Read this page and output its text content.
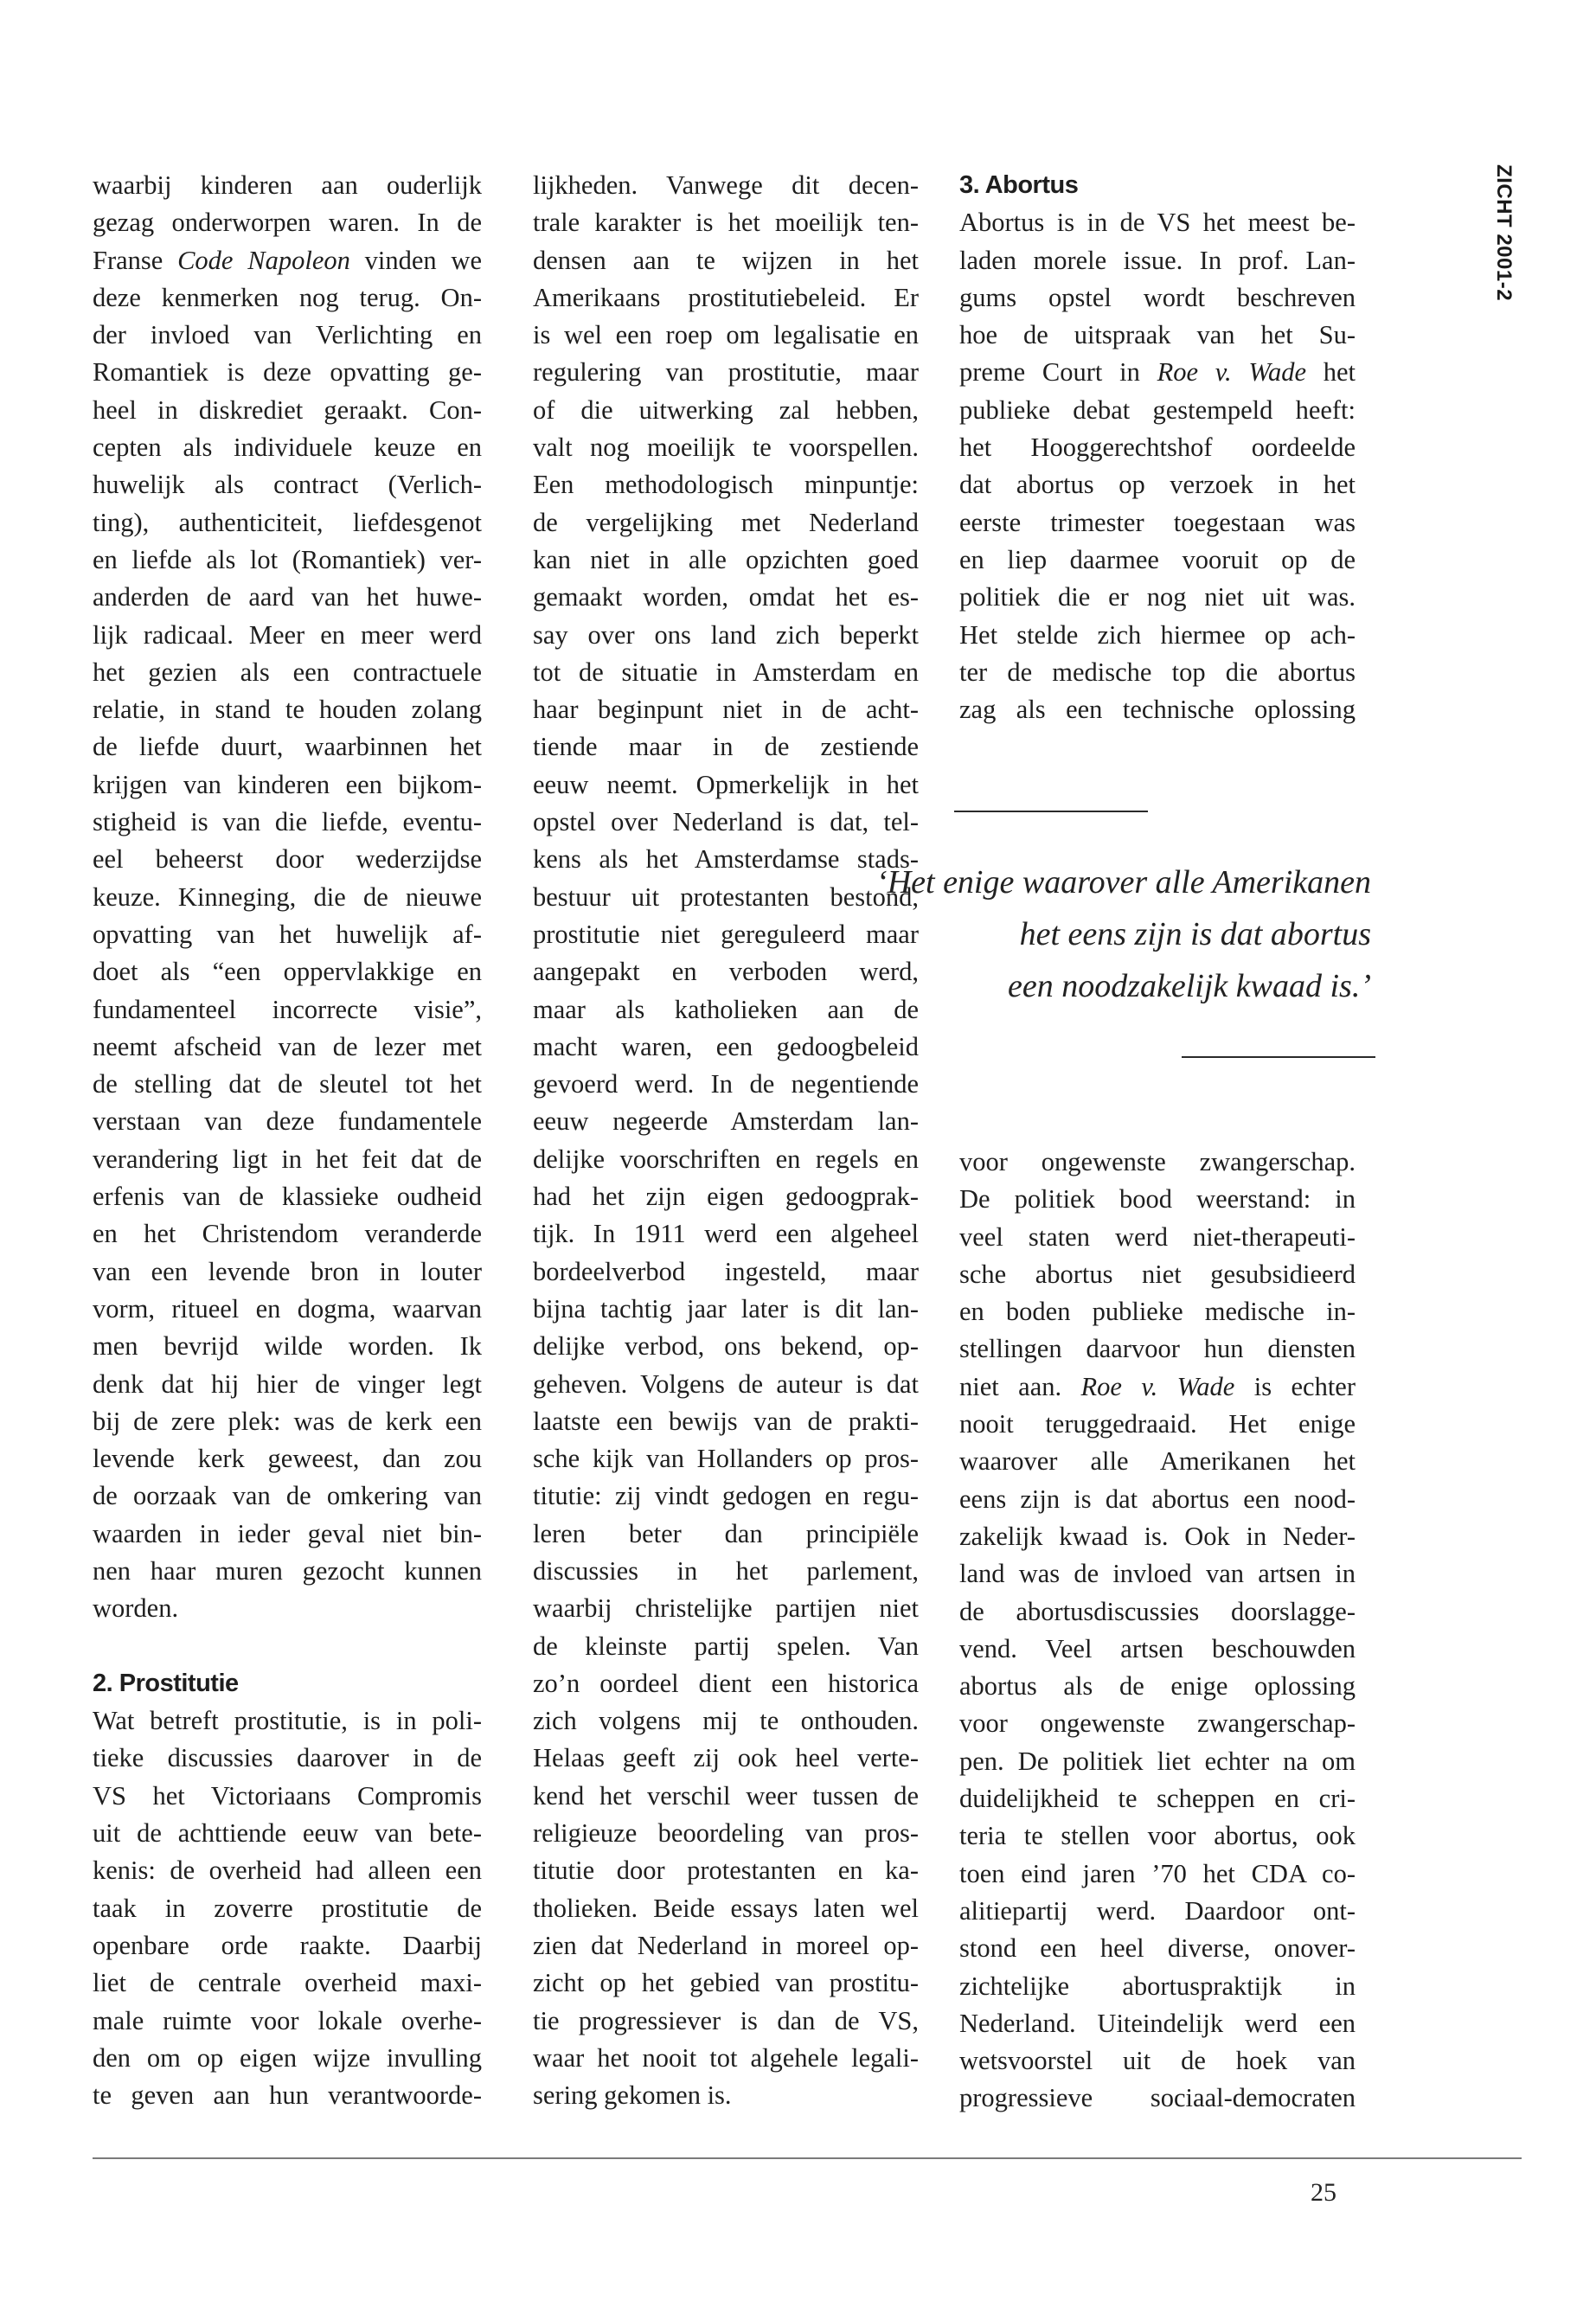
ZICHT 2001-2
waarbij kinderen aan ouderlijk
gezag onderworpen waren. In de
Franse Code Napoleon vinden we
deze kenmerken nog terug. On-
der invloed van Verlichting en
Romantiek is deze opvatting ge-
heel in diskrediet geraakt. Con-
cepten als individuele keuze en
huwelijk als contract (Verlich-
ting), authenticiteit, liefdesgenot
en liefde als lot (Romantiek) ver-
anderden de aard van het huwe-
lijk radicaal. Meer en meer werd
het gezien als een contractuele
relatie, in stand te houden zolang
de liefde duurt, waarbinnen het
krijgen van kinderen een bijkom-
stigheid is van die liefde, eventu-
eel beheerst door wederzijdse
keuze. Kinneging, die de nieuwe
opvatting van het huwelijk af-
doet als “een oppervlakkige en
fundamenteel incorrecte visie”,
neemt afscheid van de lezer met
de stelling dat de sleutel tot het
verstaan van deze fundamentele
verandering ligt in het feit dat de
erfenis van de klassieke oudheid
en het Christendom veranderde
van een levende bron in louter
vorm, ritueel en dogma, waarvan
men bevrijd wilde worden. Ik
denk dat hij hier de vinger legt
bij de zere plek: was de kerk een
levende kerk geweest, dan zou
de oorzaak van de omkering van
waarden in ieder geval niet bin-
nen haar muren gezocht kunnen
worden.
2. Prostitutie
Wat betreft prostitutie, is in poli-
tieke discussies daarover in de
VS het Victoriaans Compromis
uit de achttiende eeuw van bete-
kenis: de overheid had alleen een
taak in zoverre prostitutie de
openbare orde raakte. Daarbij
liet de centrale overheid maxi-
male ruimte voor lokale overhe-
den om op eigen wijze invulling
te geven aan hun verantwoorde-
lijkheden. Vanwege dit decen-
trale karakter is het moeilijk ten-
densen aan te wijzen in het
Amerikaans prostitutiebeleid. Er
is wel een roep om legalisatie en
regulering van prostitutie, maar
of die uitwerking zal hebben,
valt nog moeilijk te voorspellen.
Een methodologisch minpuntje:
de vergelijking met Nederland
kan niet in alle opzichten goed
gemaakt worden, omdat het es-
say over ons land zich beperkt
tot de situatie in Amsterdam en
haar beginpunt niet in de acht-
tiende maar in de zestiende
eeuw neemt. Opmerkelijk in het
opstel over Nederland is dat, tel-
kens als het Amsterdamse stads-
bestuur uit protestanten bestond,
prostitutie niet gereguleerd maar
aangepakt en verboden werd,
maar als katholieken aan de
macht waren, een gedoogbeleid
gevoerd werd. In de negentiende
eeuw negeerde Amsterdam lan-
delijke voorschriften en regels en
had het zijn eigen gedoogprak-
tijk. In 1911 werd een algeheel
bordeelverbod ingesteld, maar
bijna tachtig jaar later is dit lan-
delijke verbod, ons bekend, op-
geheven. Volgens de auteur is dat
laatste een bewijs van de prakti-
sche kijk van Hollanders op pros-
titutie: zij vindt gedogen en regu-
leren beter dan principiële
discussies in het parlement,
waarbij christelijke partijen niet
de kleinste partij spelen. Van
zo’n oordeel dient een historica
zich volgens mij te onthouden.
Helaas geeft zij ook heel verte-
kend het verschil weer tussen de
religieuze beoordeling van pros-
titutie door protestanten en ka-
tholieken. Beide essays laten wel
zien dat Nederland in moreel op-
zicht op het gebied van prostitu-
tie progressiever is dan de VS,
waar het nooit tot algehele legali-
sering gekomen is.
3. Abortus
Abortus is in de VS het meest be-
laden morele issue. In prof. Lan-
gums opstel wordt beschreven
hoe de uitspraak van het Su-
preme Court in Roe v. Wade het
publieke debat gestempeld heeft:
het Hooggerechtshof oordeelde
dat abortus op verzoek in het
eerste trimester toegestaan was
en liep daarmee vooruit op de
politiek die er nog niet uit was.
Het stelde zich hiermee op ach-
ter de medische top die abortus
zag als een technische oplossing
‘Het enige waarover alle Amerikanen
het eens zijn is dat abortus
een noodzakelijk kwaad is.’
voor ongewenste zwangerschap.
De politiek bood weerstand: in
veel staten werd niet-therapeuti-
sche abortus niet gesubsidieerd
en boden publieke medische in-
stellingen daarvoor hun diensten
niet aan. Roe v. Wade is echter
nooit teruggedraaid. Het enige
waarover alle Amerikanen het
eens zijn is dat abortus een nood-
zakelijk kwaad is. Ook in Neder-
land was de invloed van artsen in
de abortusdiscussies doorslagge-
vend. Veel artsen beschouwden
abortus als de enige oplossing
voor ongewenste zwangerschap-
pen. De politiek liet echter na om
duidelijkheid te scheppen en cri-
teria te stellen voor abortus, ook
toen eind jaren ’70 het CDA co-
alitiepartij werd. Daardoor ont-
stond een heel diverse, onover-
zichtelijke abortuspraktijk in
Nederland. Uiteindelijk werd een
wetsvoorstel uit de hoek van
progressieve sociaal-democraten
25
